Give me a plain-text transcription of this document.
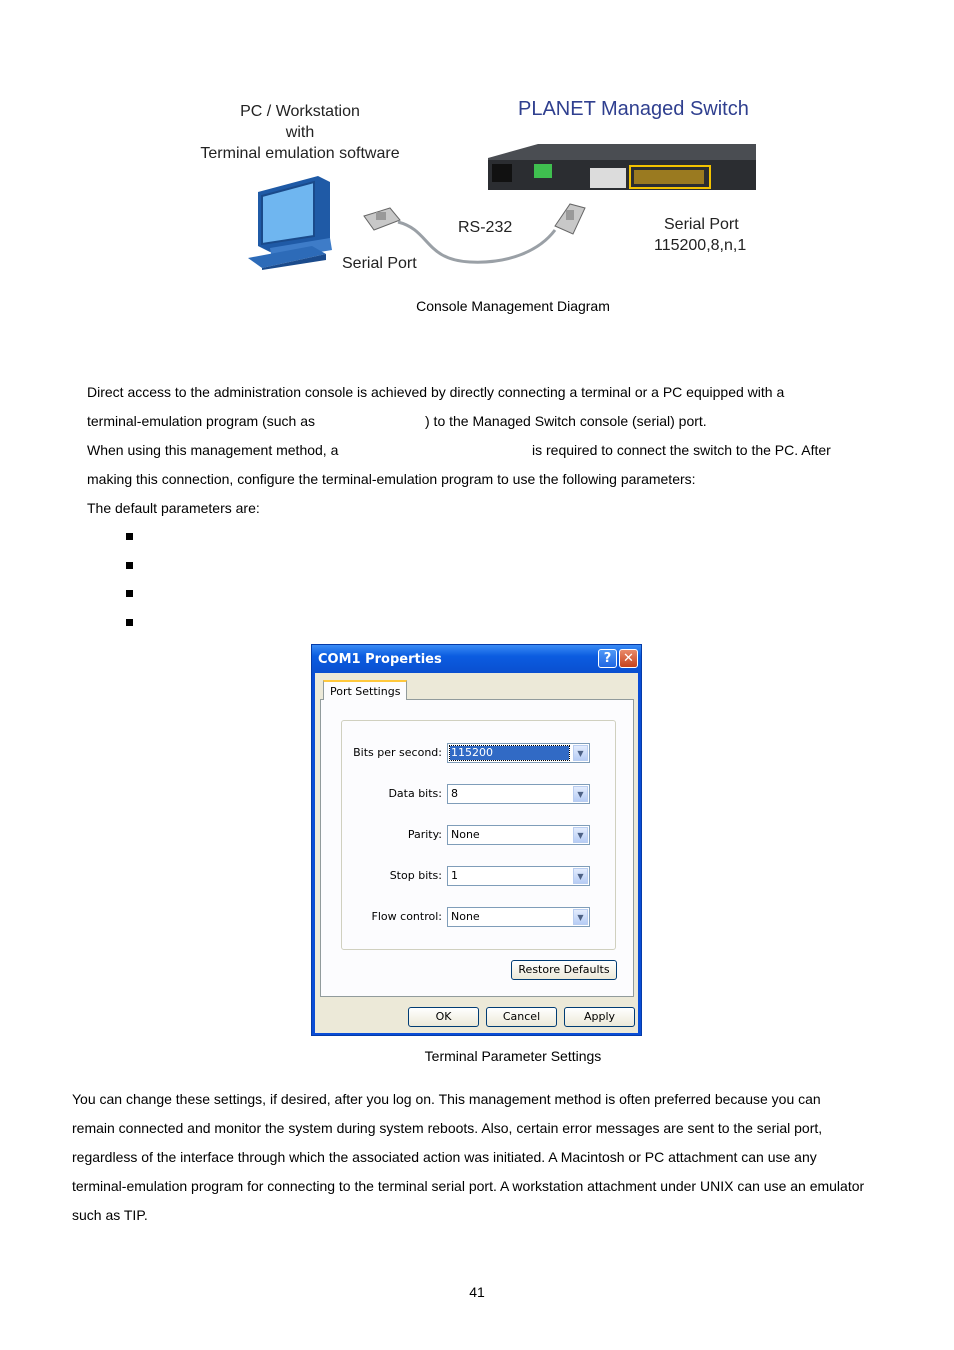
PC / Workstation
with
Terminal emulation software
PLANET Managed Switch
RS-232
Serial Port
Serial Port
115200,8,n,1
Console Management Diagram
Direct access to the administration console is achieved by directly connecting a terminal or a PC equipped with a
terminal-emulation program (such as	) to the Managed Switch console (serial) port.
When using this management method, a	is required to connect the switch to the PC. After
making this connection, configure the terminal-emulation program to use the following parameters:
The default parameters are:
COM1 Properties	? ✕
Bits per second: 115200	▼
Data bits: 8	▼
Parity: None	▼
Stop bits: 1	▼
Flow control: None	▼
Restore Defaults
Port Settings
OK	Cancel	Apply
Terminal Parameter Settings
You can change these settings, if desired, after you log on. This management method is often preferred because you can
remain connected and monitor the system during system reboots. Also, certain error messages are sent to the serial port,
regardless of the interface through which the associated action was initiated. A Macintosh or PC attachment can use any
terminal-emulation program for connecting to the terminal serial port. A workstation attachment under UNIX can use an emulator
such as TIP.
41
